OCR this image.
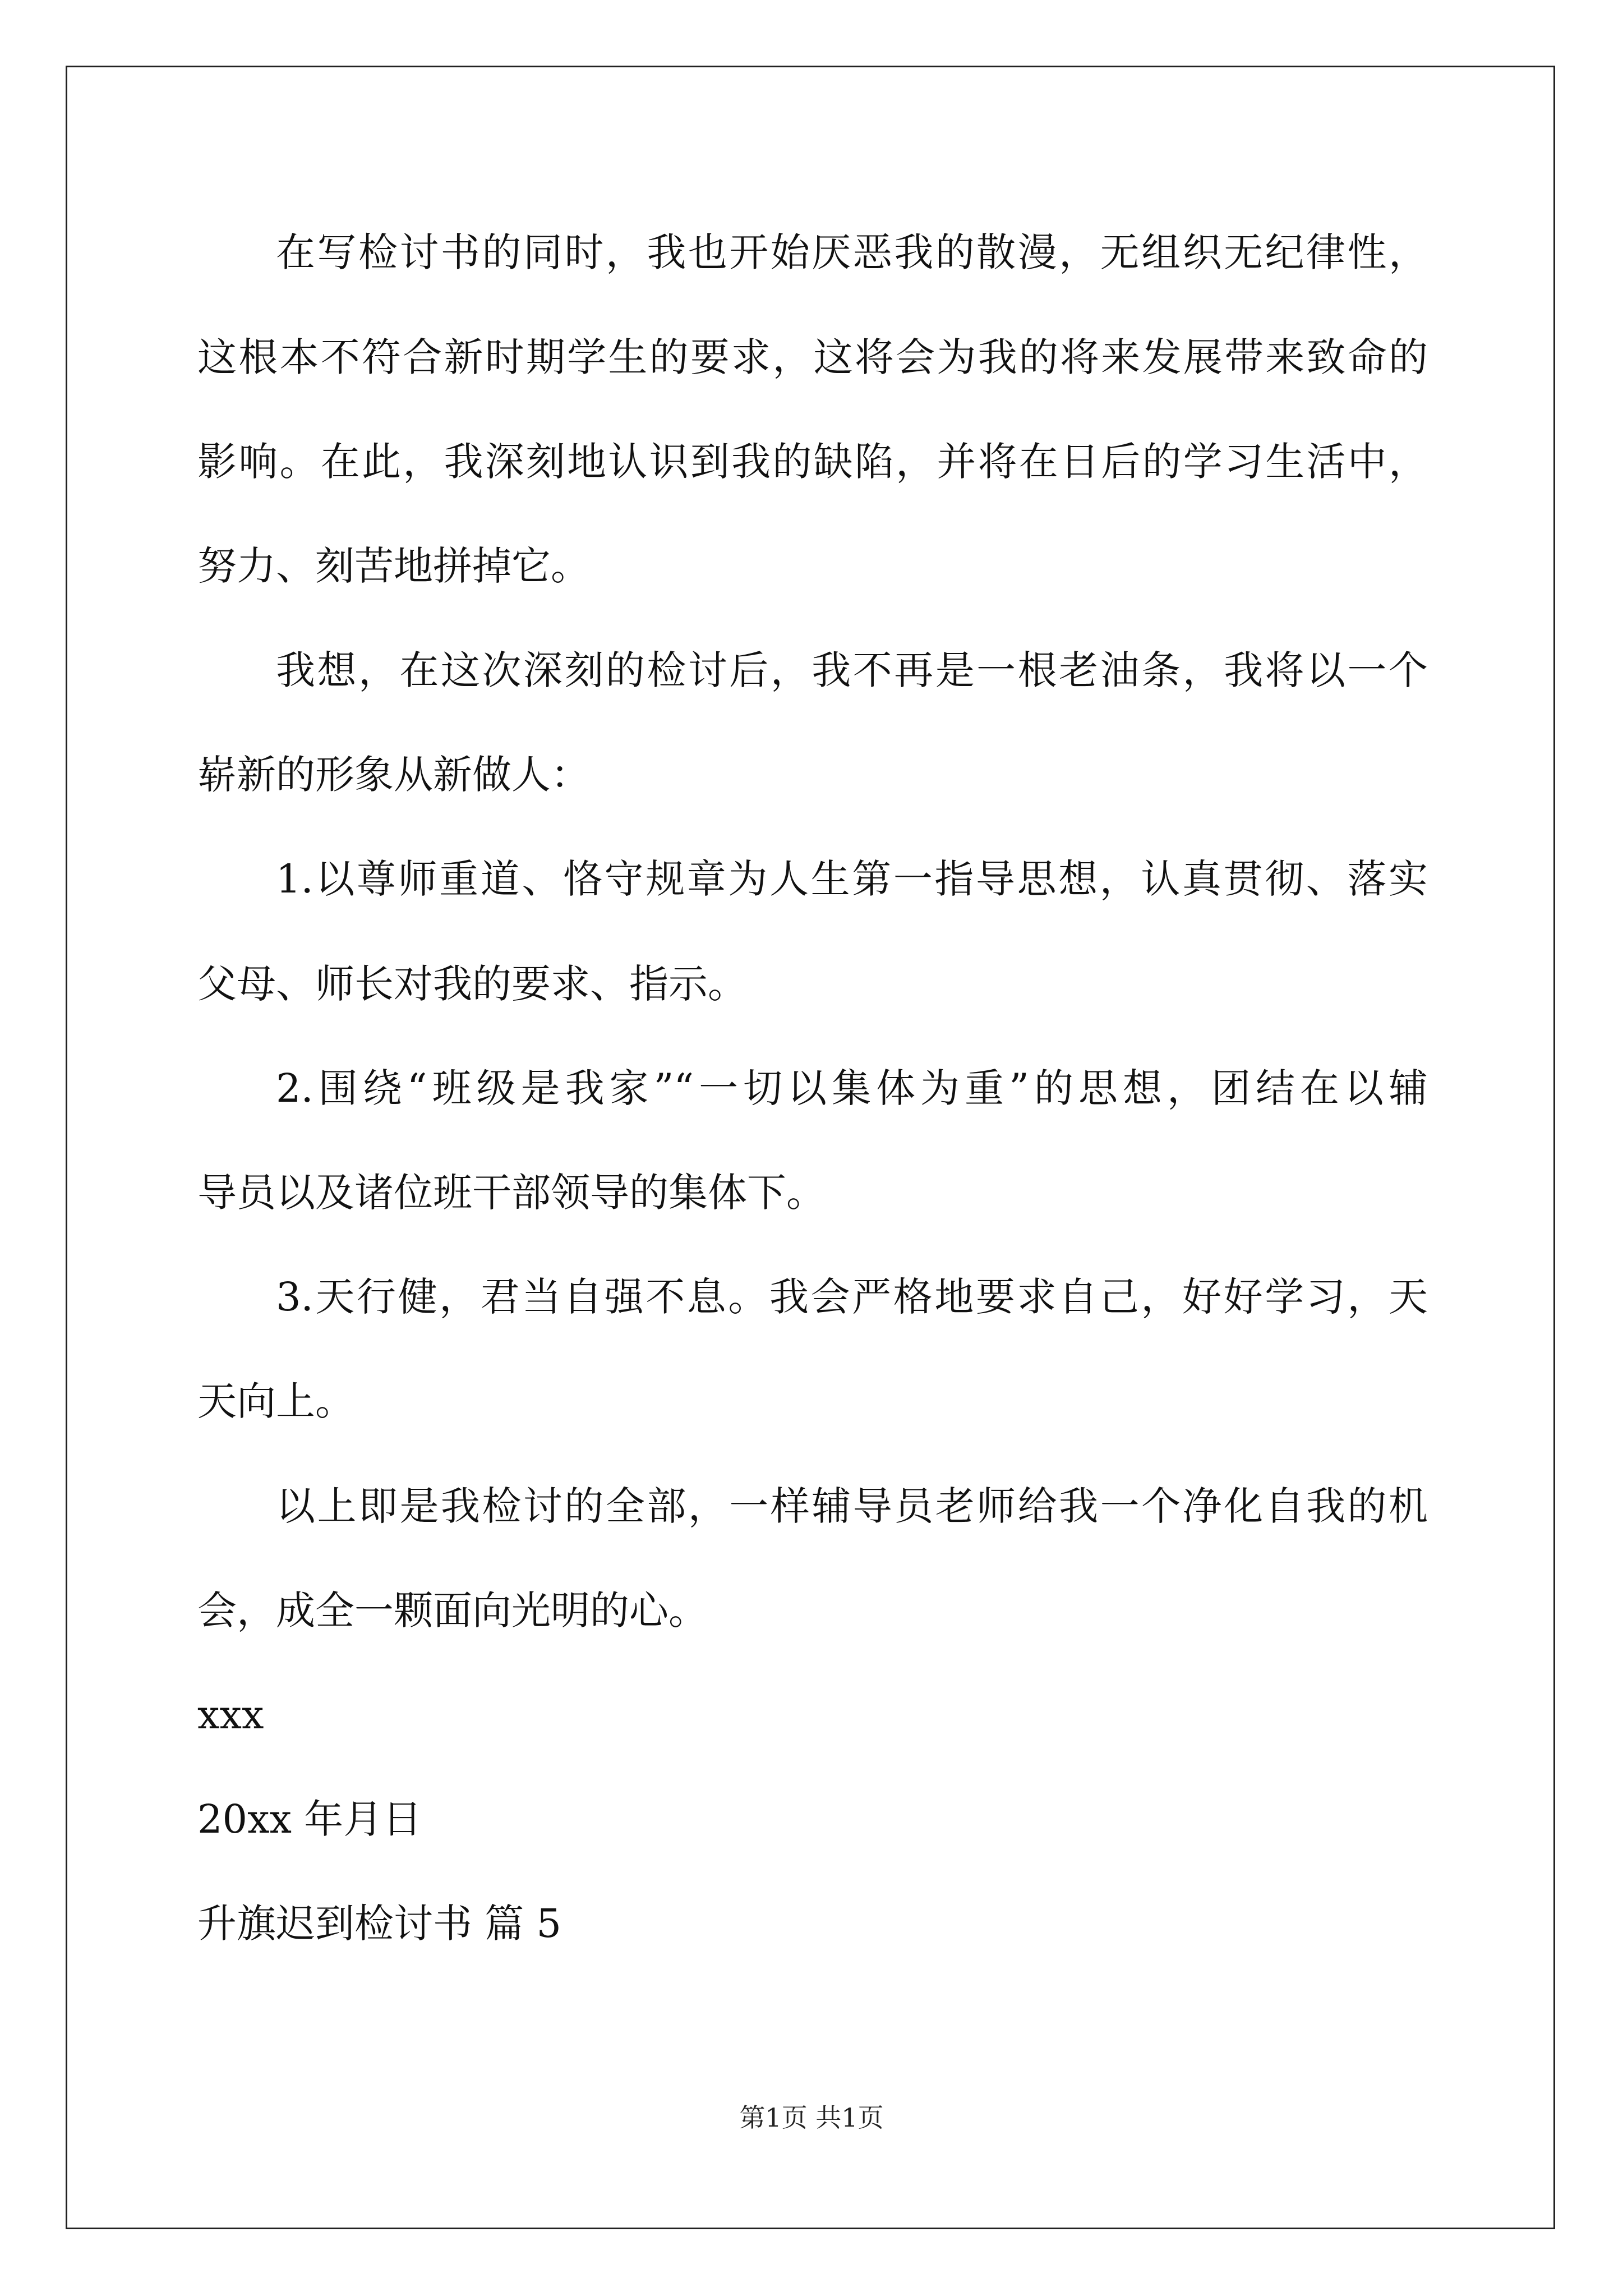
在写检讨书的同时，我也开始厌恶我的散漫，无组织无纪律性，
这根本不符合新时期学生的要求，这将会为我的将来发展带来致命的
影响。在此，我深刻地认识到我的缺陷，并将在日后的学习生活中，
努力、刻苦地拼掉它。
我想，在这次深刻的检讨后，我不再是一根老油条，我将以一个
崭新的形象从新做人：
1.以尊师重道、恪守规章为人生第一指导思想，认真贯彻、落实
父母、师长对我的要求、指示。
2.围绕“班级是我家”“一切以集体为重”的思想，团结在以辅
导员以及诸位班干部领导的集体下。
3.天行健，君当自强不息。我会严格地要求自己，好好学习，天
天向上。
以上即是我检讨的全部，一样辅导员老师给我一个净化自我的机
会，成全一颗面向光明的心。
xxx
20xx 年月日
升旗迟到检讨书 篇 5
第1页 共1页
